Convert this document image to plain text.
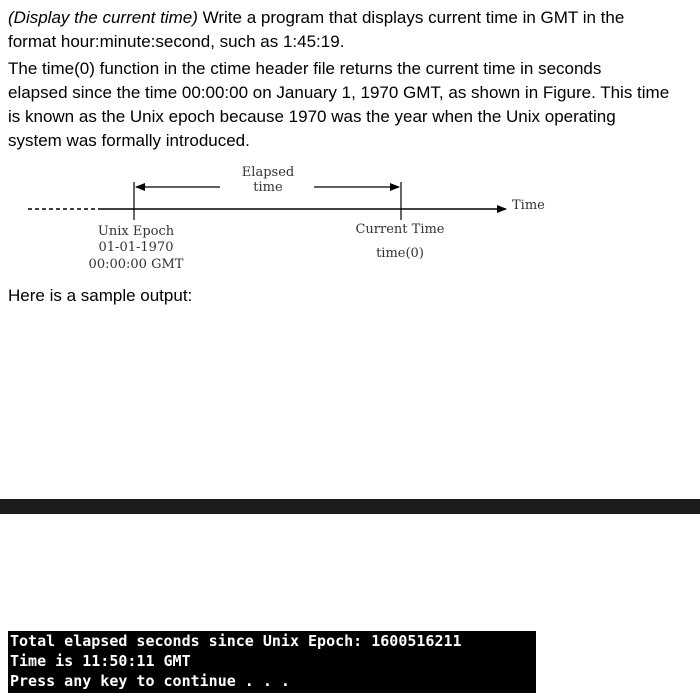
(Display the current time) Write a program that displays current time in GMT in the
format hour:minute:second, such as 1:45:19.
The time(0) function in the ctime header file returns the current time in seconds
elapsed since the time 00:00:00 on January 1, 1970 GMT, as shown in Figure. This time
is known as the Unix epoch because 1970 was the year when the Unix operating
system was formally introduced.
Elapsed
time
Time
Unix Epoch
01-01-1970
00:00:00 GMT
Current Time
time(0)
Here is a sample output:
Total elapsed seconds since Unix Epoch: 1600516211
Time is 11:50:11 GMT
Press any key to continue . . .
